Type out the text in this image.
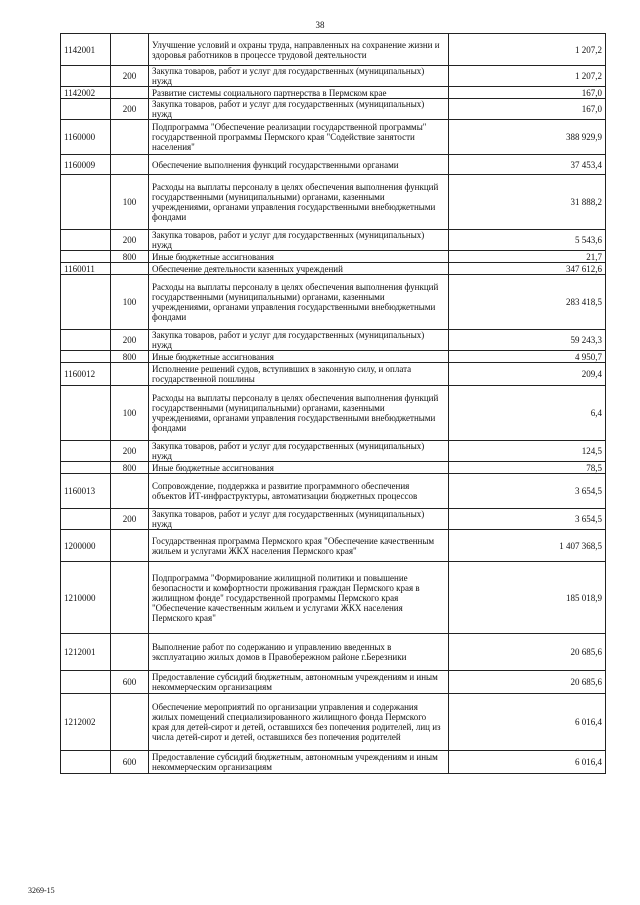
38
1142001		Улучшение условий и охраны труда, направленных на сохранение жизни и здоровья работников в процессе трудовой деятельности	1 207,2
	200	Закупка товаров, работ и услуг для государственных (муниципальных) нужд	1 207,2
1142002		Развитие системы социального партнерства в Пермском крае	167,0
	200	Закупка товаров, работ и услуг для государственных (муниципальных) нужд	167,0
1160000		Подпрограмма "Обеспечение реализации государственной программы" государственной программы Пермского края "Содействие занятости населения"	388 929,9
1160009		Обеспечение выполнения функций государственными органами	37 453,4
	100	Расходы на выплаты персоналу в целях обеспечения выполнения функций государственными (муниципальными) органами, казенными учреждениями, органами управления государственными внебюджетными фондами	31 888,2
	200	Закупка товаров, работ и услуг для государственных (муниципальных) нужд	5 543,6
	800	Иные бюджетные ассигнования	21,7
1160011		Обеспечение деятельности казенных учреждений	347 612,6
	100	Расходы на выплаты персоналу в целях обеспечения выполнения функций государственными (муниципальными) органами, казенными учреждениями, органами управления государственными внебюджетными фондами	283 418,5
	200	Закупка товаров, работ и услуг для государственных (муниципальных) нужд	59 243,3
	800	Иные бюджетные ассигнования	4 950,7
1160012		Исполнение решений судов, вступивших в законную силу, и оплата государственной пошлины	209,4
	100	Расходы на выплаты персоналу в целях обеспечения выполнения функций государственными (муниципальными) органами, казенными учреждениями, органами управления государственными внебюджетными фондами	6,4
	200	Закупка товаров, работ и услуг для государственных (муниципальных) нужд	124,5
	800	Иные бюджетные ассигнования	78,5
1160013		Сопровождение, поддержка и развитие программного обеспечения объектов ИТ-инфраструктуры, автоматизации бюджетных процессов	3 654,5
	200	Закупка товаров, работ и услуг для государственных (муниципальных) нужд	3 654,5
1200000		Государственная программа Пермского края "Обеспечение качественным жильем и услугами ЖКХ населения Пермского края"	1 407 368,5
1210000		Подпрограмма "Формирование жилищной политики и повышение безопасности и комфортности проживания граждан Пермского края в жилищном фонде" государственной программы Пермского края "Обеспечение качественным жильем и услугами ЖКХ населения Пермского края"	185 018,9
1212001		Выполнение работ по содержанию и управлению введенных в эксплуатацию жилых домов в Правобережном районе г.Березники	20 685,6
	600	Предоставление субсидий бюджетным, автономным учреждениям и иным некоммерческим организациям	20 685,6
1212002		Обеспечение мероприятий по организации управления и содержания жилых помещений специализированного жилищного фонда Пермского края для детей-сирот и детей, оставшихся без попечения родителей, лиц из числа детей-сирот и детей, оставшихся без попечения родителей	6 016,4
	600	Предоставление субсидий бюджетным, автономным учреждениям и иным некоммерческим организациям	6 016,4
3269-15
